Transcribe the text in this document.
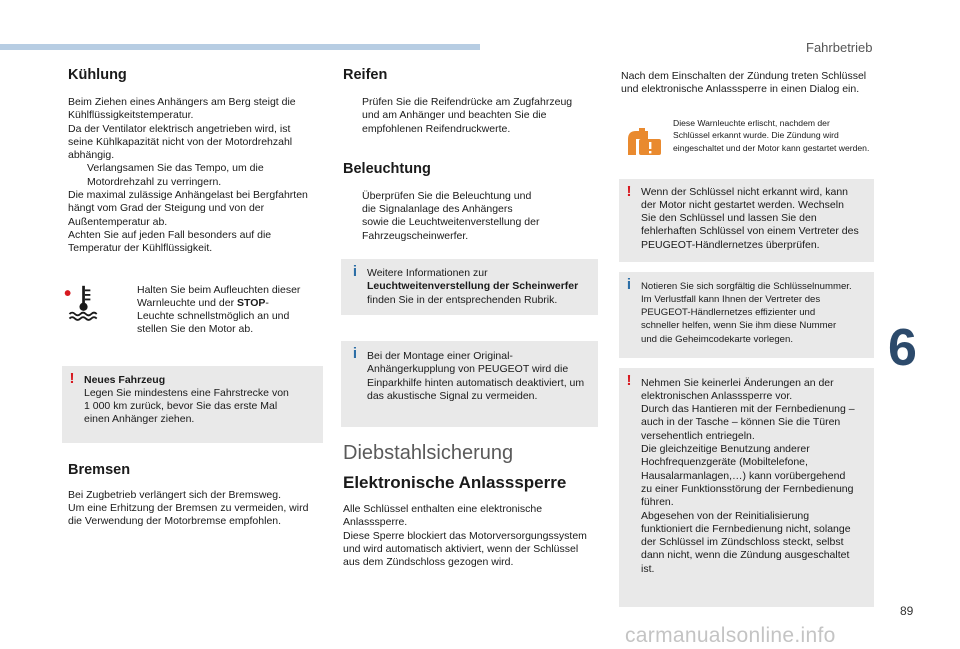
Fahrbetrieb
6
89
carmanualsonline.info
Kühlung
Beim Ziehen eines Anhängers am Berg steigt die
Kühlflüssigkeitstemperatur.
Da der Ventilator elektrisch angetrieben wird, ist
seine Kühlkapazität nicht von der Motordrehzahl
abhängig.
Verlangsamen Sie das Tempo, um die
Motordrehzahl zu verringern.
Die maximal zulässige Anhängelast bei Bergfahrten
hängt vom Grad der Steigung und von der
Außentemperatur ab.
Achten Sie auf jeden Fall besonders auf die
Temperatur der Kühlflüssigkeit.
Halten Sie beim Aufleuchten dieser
Warnleuchte und der STOP-
Leuchte schnellstmöglich an und
stellen Sie den Motor ab.
! Neues Fahrzeug
Legen Sie mindestens eine Fahrstrecke von
1 000 km zurück, bevor Sie das erste Mal
einen Anhänger ziehen.
Bremsen
Bei Zugbetrieb verlängert sich der Bremsweg.
Um eine Erhitzung der Bremsen zu vermeiden, wird
die Verwendung der Motorbremse empfohlen.
Reifen
Prüfen Sie die Reifendrücke am Zugfahrzeug
und am Anhänger und beachten Sie die
empfohlenen Reifendruckwerte.
Beleuchtung
Überprüfen Sie die Beleuchtung und
die Signalanlage des Anhängers
sowie die Leuchtweitenverstellung der
Fahrzeugscheinwerfer.
i Weitere Informationen zur
Leuchtweitenverstellung der Scheinwerfer
finden Sie in der entsprechenden Rubrik.
i Bei der Montage einer Original-
Anhängerkupplung von PEUGEOT wird die
Einparkhilfe hinten automatisch deaktiviert, um
das akustische Signal zu vermeiden.
Diebstahlsicherung
Elektronische Anlasssperre
Alle Schlüssel enthalten eine elektronische
Anlasssperre.
Diese Sperre blockiert das Motorversorgungssystem
und wird automatisch aktiviert, wenn der Schlüssel
aus dem Zündschloss gezogen wird.
Nach dem Einschalten der Zündung treten Schlüssel
und elektronische Anlasssperre in einen Dialog ein.
Diese Warnleuchte erlischt, nachdem der
Schlüssel erkannt wurde. Die Zündung wird
eingeschaltet und der Motor kann gestartet werden.
! Wenn der Schlüssel nicht erkannt wird, kann
der Motor nicht gestartet werden. Wechseln
Sie den Schlüssel und lassen Sie den
fehlerhaften Schlüssel von einem Vertreter des
PEUGEOT-Händlernetzes überprüfen.
i	Notieren Sie sich sorgfältig die Schlüsselnummer.
Im Verlustfall kann Ihnen der Vertreter des
PEUGEOT-Händlernetzes effizienter und
schneller helfen, wenn Sie ihm diese Nummer
und die Geheimcodekarte vorlegen.
! Nehmen Sie keinerlei Änderungen an der
elektronischen Anlasssperre vor.
Durch das Hantieren mit der Fernbedienung –
auch in der Tasche – können Sie die Türen
versehentlich entriegeln.
Die gleichzeitige Benutzung anderer
Hochfrequenzgeräte (Mobiltelefone,
Hausalarmanlagen,…) kann vorübergehend
zu einer Funktionsstörung der Fernbedienung
führen.
Abgesehen von der Reinitialisierung
funktioniert die Fernbedienung nicht, solange
der Schlüssel im Zündschloss steckt, selbst
dann nicht, wenn die Zündung ausgeschaltet
ist.
